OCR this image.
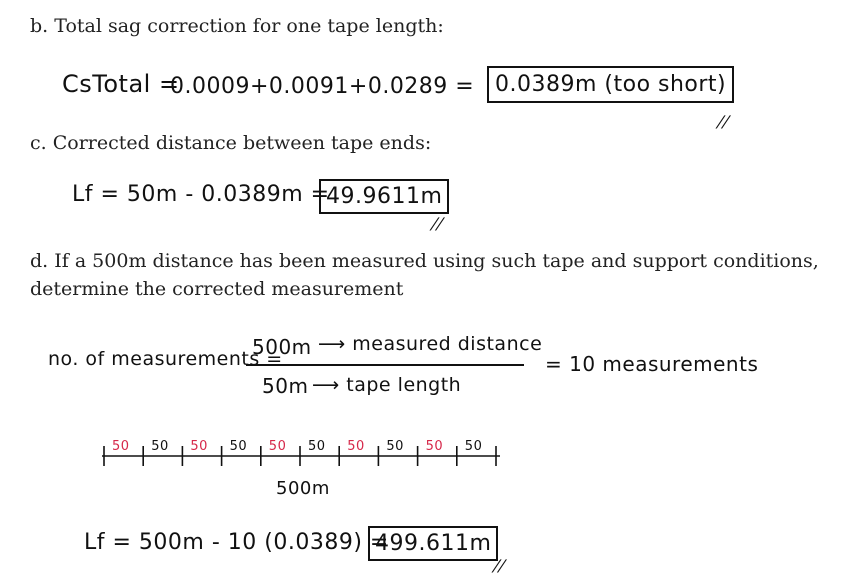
b. Total sag correction for one tape length:
CsTotal =
0.0009+0.0091+0.0289 = 0.0389m (too short)
//
c. Corrected distance between tape ends:
Lf = 50m - 0.0389m =
49.9611m
//
d. If a 500m distance has been measured using such tape and support conditions,
determine the corrected measurement
no. of measurements =
500m ⟶ measured distance
50m ⟶ tape length
= 10 measurements
50 50 50 50 50 50 50 50 50 50
500m
Lf = 500m - 10 (0.0389) =
499.611m
//
